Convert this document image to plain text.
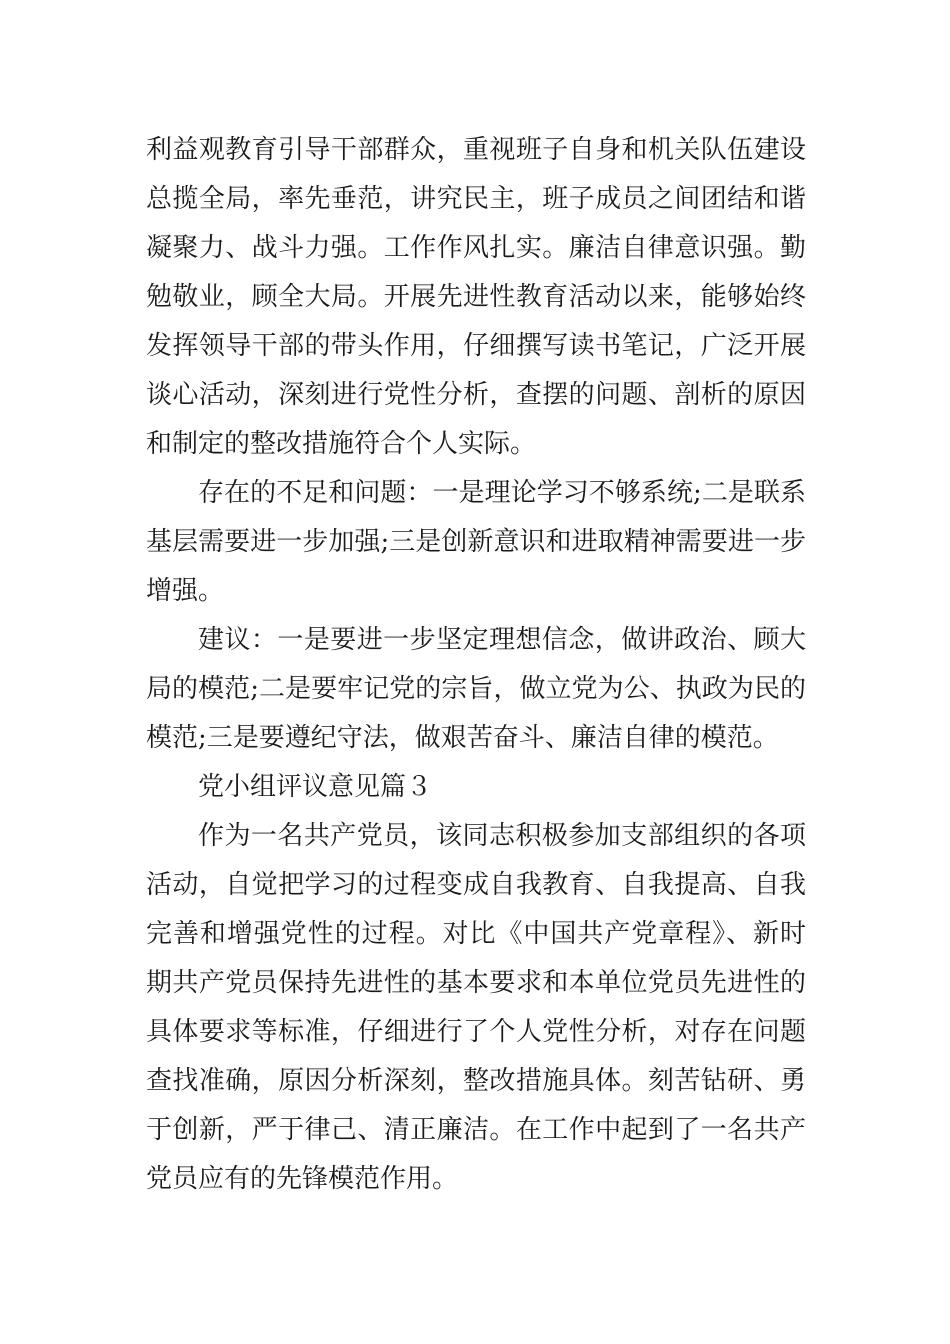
利益观教育引导干部群众，重视班子自身和机关队伍建设
总揽全局，率先垂范，讲究民主，班子成员之间团结和谐
凝聚力、战斗力强。工作作风扎实。廉洁自律意识强。勤
勉敬业，顾全大局。开展先进性教育活动以来，能够始终
发挥领导干部的带头作用，仔细撰写读书笔记，广泛开展
谈心活动，深刻进行党性分析，查摆的问题、剖析的原因
和制定的整改措施符合个人实际。
存在的不足和问题：一是理论学习不够系统;二是联系
基层需要进一步加强;三是创新意识和进取精神需要进一步
增强。
建议：一是要进一步坚定理想信念，做讲政治、顾大
局的模范;二是要牢记党的宗旨，做立党为公、执政为民的
模范;三是要遵纪守法，做艰苦奋斗、廉洁自律的模范。
党小组评议意见篇３
作为一名共产党员，该同志积极参加支部组织的各项
活动，自觉把学习的过程变成自我教育、自我提高、自我
完善和增强党性的过程。对比《中国共产党章程》、新时
期共产党员保持先进性的基本要求和本单位党员先进性的
具体要求等标准，仔细进行了个人党性分析，对存在问题
查找准确，原因分析深刻，整改措施具体。刻苦钻研、勇
于创新，严于律己、清正廉洁。在工作中起到了一名共产
党员应有的先锋模范作用。
